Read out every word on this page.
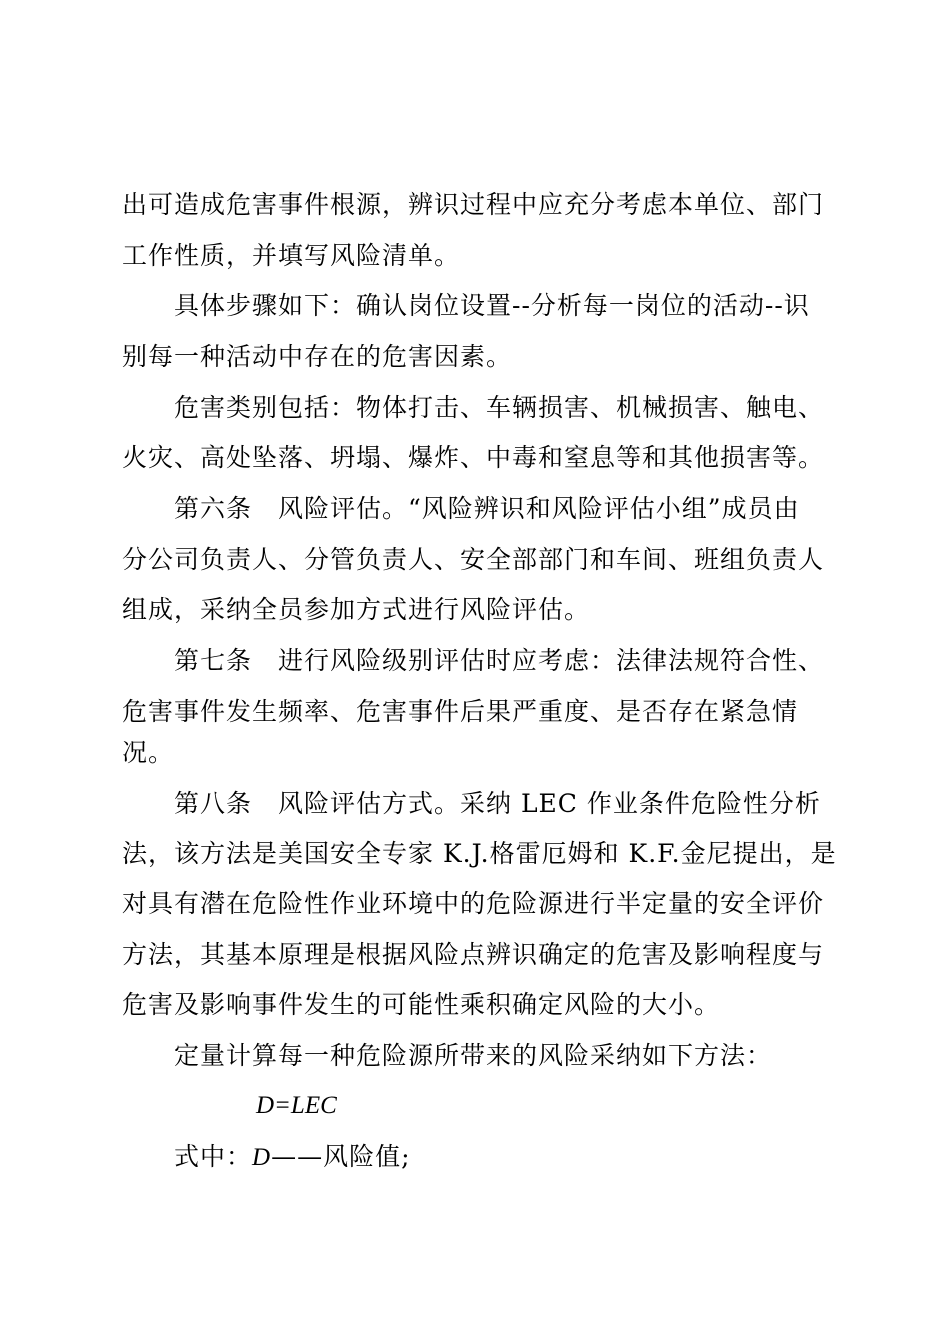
出可造成危害事件根源，辨识过程中应充分考虑本单位、部门
工作性质，并填写风险清单。
具体步骤如下：确认岗位设置--分析每一岗位的活动--识
别每一种活动中存在的危害因素。
危害类别包括：物体打击、车辆损害、机械损害、触电、
火灾、高处坠落、坍塌、爆炸、中毒和窒息等和其他损害等。
第六条　风险评估。“风险辨识和风险评估小组”成员由
分公司负责人、分管负责人、安全部部门和车间、班组负责人
组成，采纳全员参加方式进行风险评估。
第七条　进行风险级别评估时应考虑：法律法规符合性、
危害事件发生频率、危害事件后果严重度、是否存在紧急情
况。
第八条　风险评估方式。采纳 LEC 作业条件危险性分析
法，该方法是美国安全专家 K.J.格雷厄姆和 K.F.金尼提出，是
对具有潜在危险性作业环境中的危险源进行半定量的安全评价
方法，其基本原理是根据风险点辨识确定的危害及影响程度与
危害及影响事件发生的可能性乘积确定风险的大小。
定量计算每一种危险源所带来的风险采纳如下方法：
D=LEC
式中：D——风险值;
